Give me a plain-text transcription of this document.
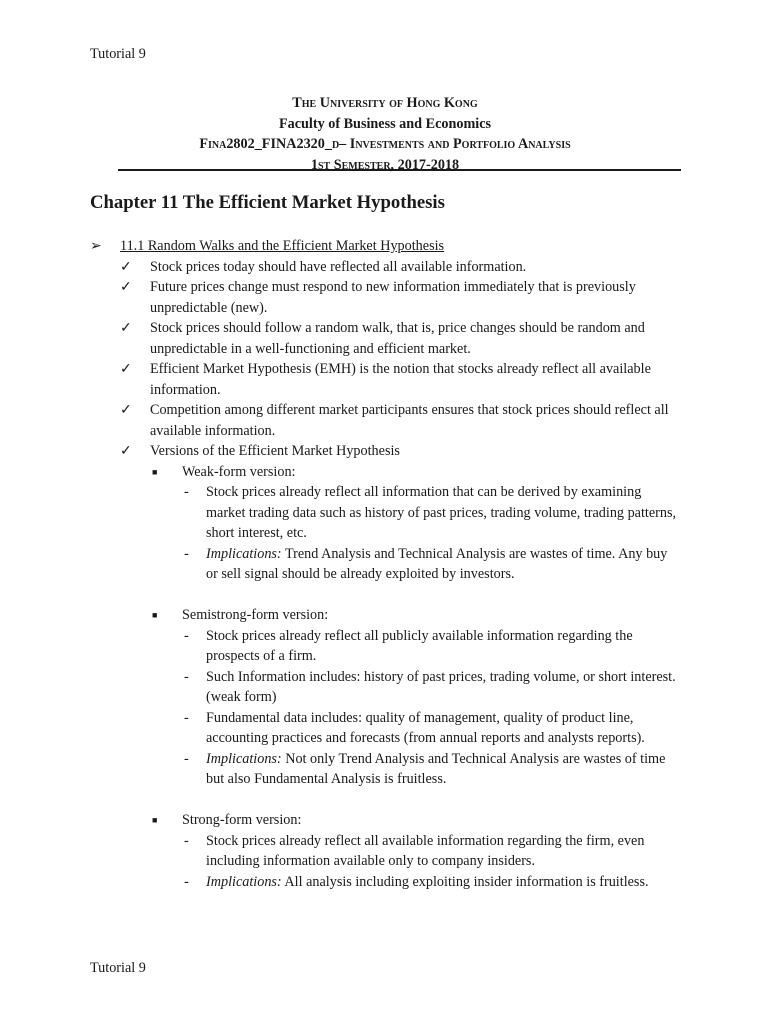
Tutorial 9
The University of Hong Kong
Faculty of Business and Economics
Fina2802_FINA2320_d– Investments and Portfolio Analysis
1st Semester, 2017-2018
Chapter 11 The Efficient Market Hypothesis
➢ 11.1 Random Walks and the Efficient Market Hypothesis
✓ Stock prices today should have reflected all available information.
✓ Future prices change must respond to new information immediately that is previously unpredictable (new).
✓ Stock prices should follow a random walk, that is, price changes should be random and unpredictable in a well-functioning and efficient market.
✓ Efficient Market Hypothesis (EMH) is the notion that stocks already reflect all available information.
✓ Competition among different market participants ensures that stock prices should reflect all available information.
✓ Versions of the Efficient Market Hypothesis
■ Weak-form version:
- Stock prices already reflect all information that can be derived by examining market trading data such as history of past prices, trading volume, trading patterns, short interest, etc.
- Implications: Trend Analysis and Technical Analysis are wastes of time. Any buy or sell signal should be already exploited by investors.
■ Semistrong-form version:
- Stock prices already reflect all publicly available information regarding the prospects of a firm.
- Such Information includes: history of past prices, trading volume, or short interest. (weak form)
- Fundamental data includes: quality of management, quality of product line, accounting practices and forecasts (from annual reports and analysts reports).
- Implications: Not only Trend Analysis and Technical Analysis are wastes of time but also Fundamental Analysis is fruitless.
■ Strong-form version:
- Stock prices already reflect all available information regarding the firm, even including information available only to company insiders.
- Implications: All analysis including exploiting insider information is fruitless.
Tutorial 9
